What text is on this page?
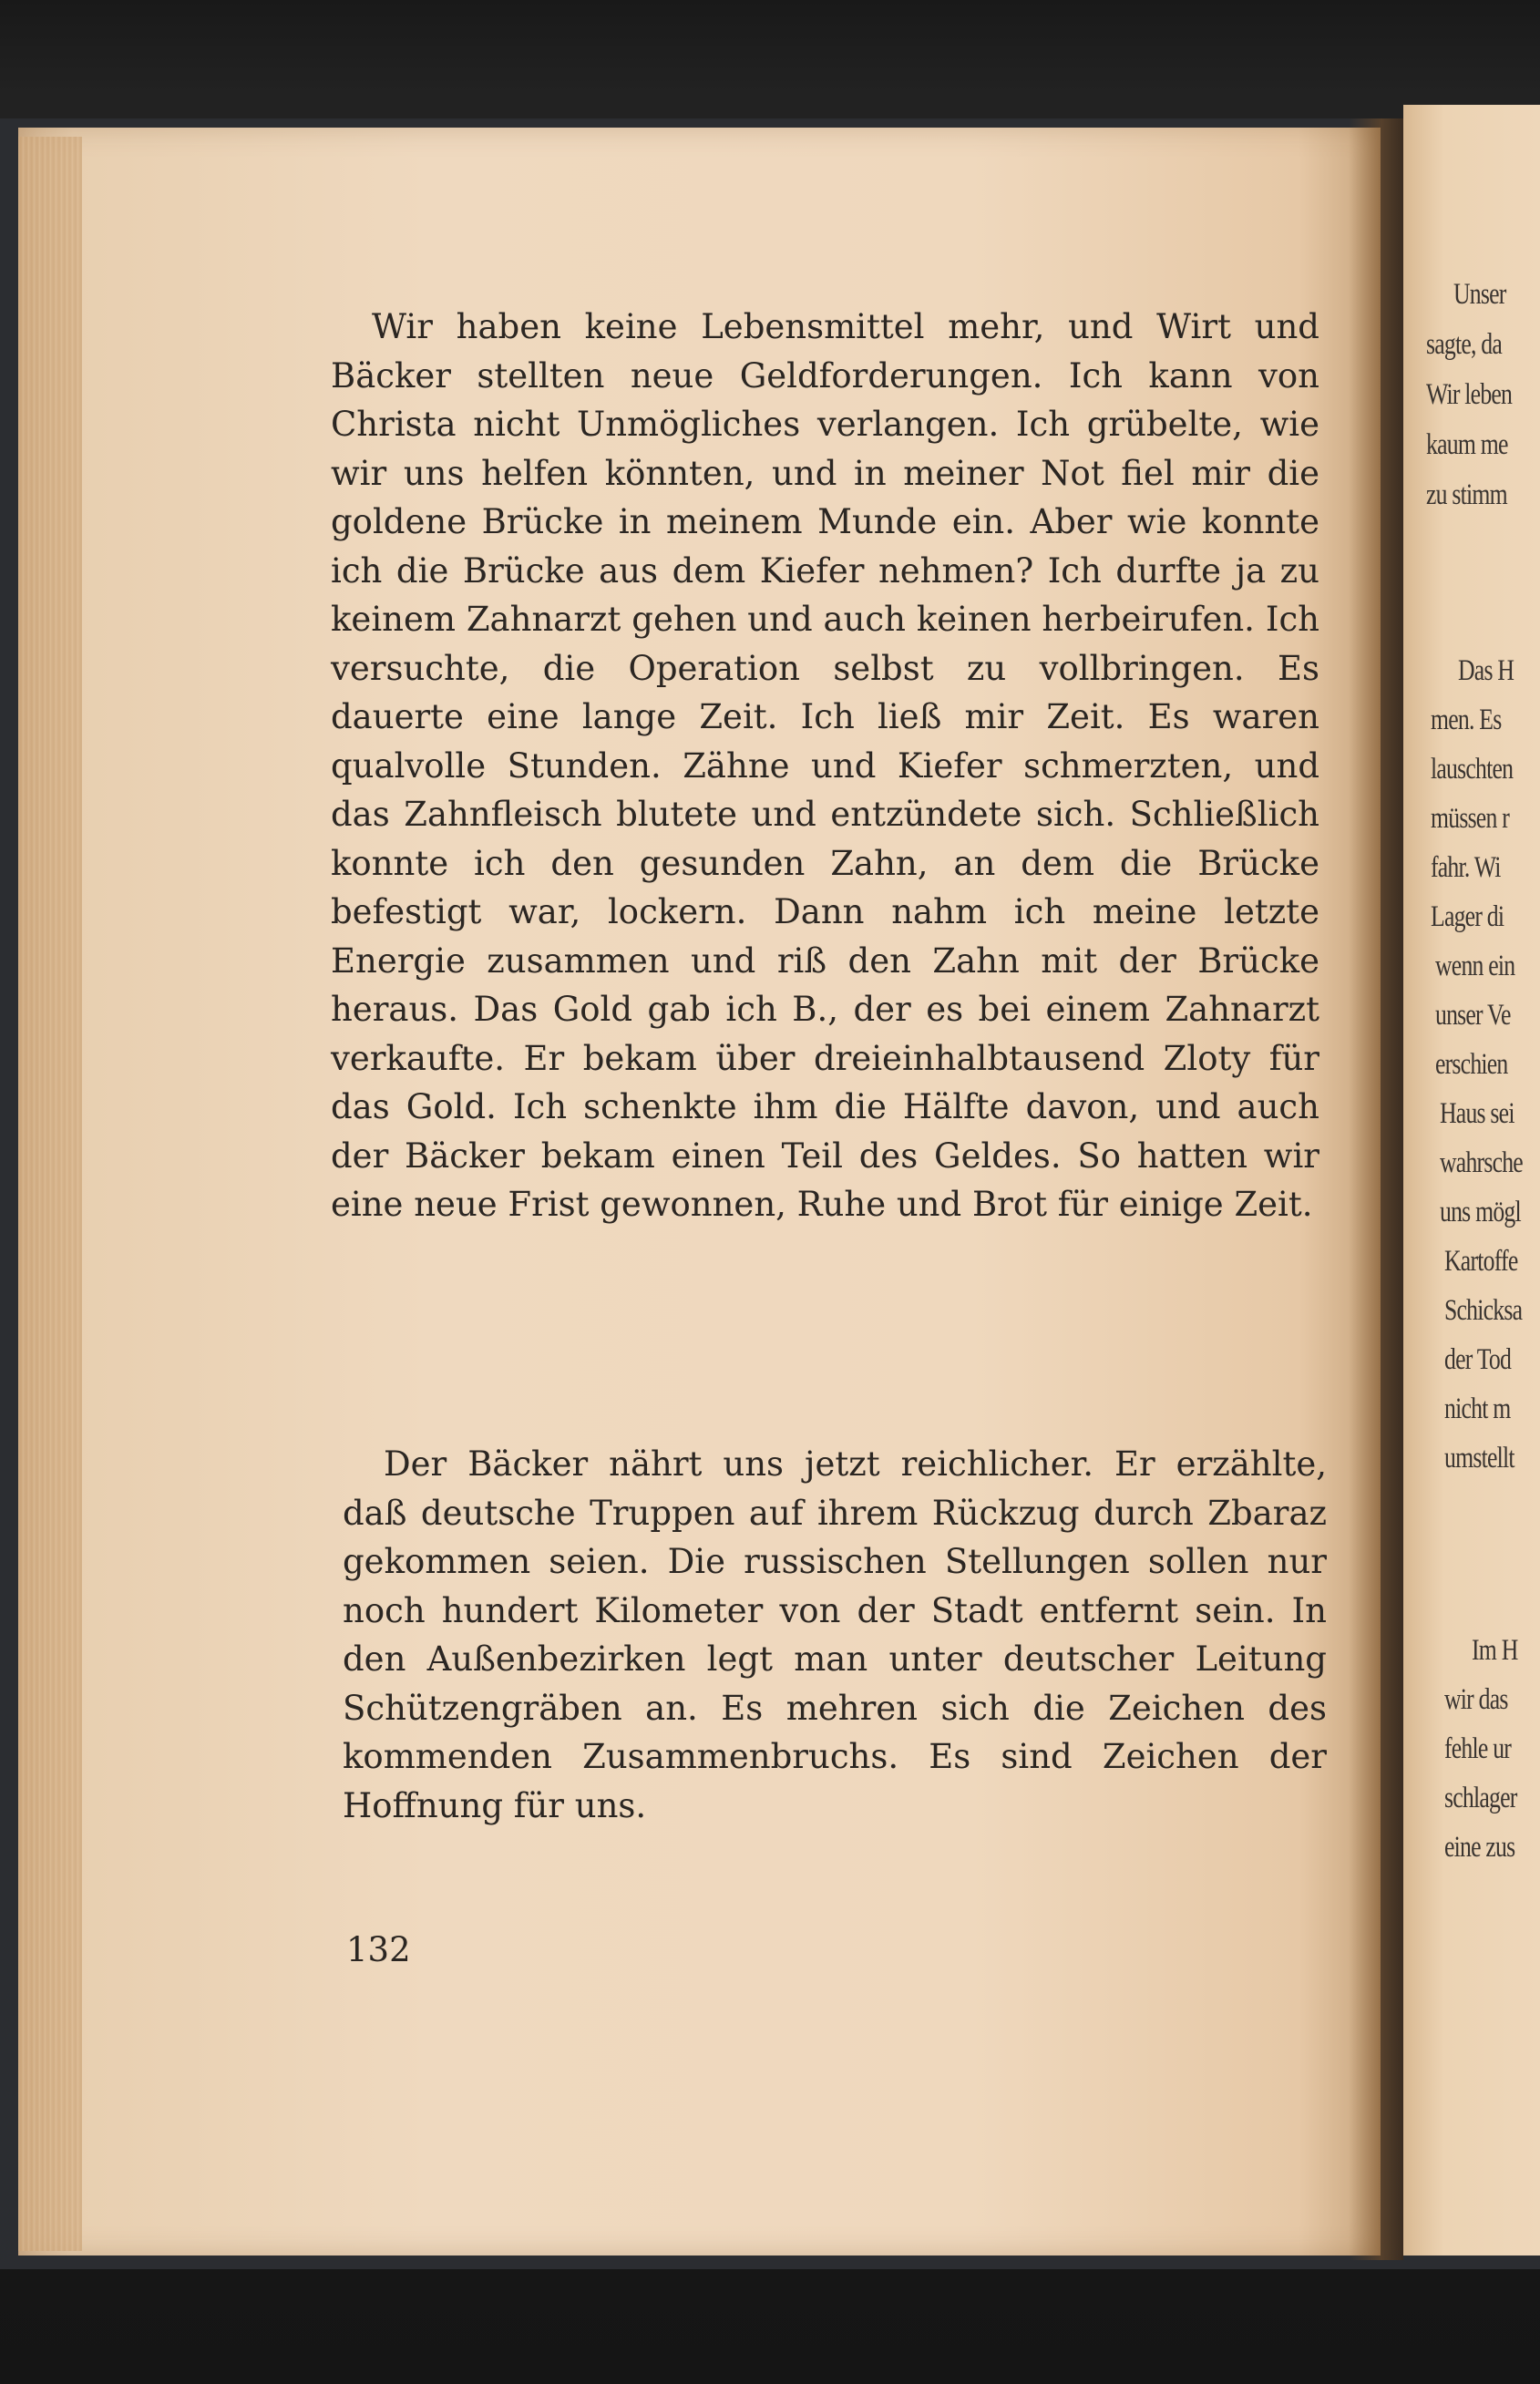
Unser
sagte, da
Wir leben
kaum me
zu stimm
Das H
men. Es
lauschten
müssen r
fahr. Wi
Lager di
wenn ein
unser Ve
erschien
Haus sei
wahrsche
uns mögl
Kartoffe
Schicksa
der Tod
nicht m
umstellt
Im H
wir das
fehle ur
schlager
eine zus
Wir haben keine Lebensmittel mehr, und Wirt und Bäcker stellten neue Geldforderungen. Ich kann von Christa nicht Unmögliches verlangen. Ich grübelte, wie wir uns helfen könnten, und in meiner Not fiel mir die goldene Brücke in meinem Munde ein. Aber wie konnte ich die Brücke aus dem Kiefer nehmen? Ich durfte ja zu keinem Zahnarzt gehen und auch keinen herbeirufen. Ich versuchte, die Operation selbst zu vollbringen. Es dauerte eine lange Zeit. Ich ließ mir Zeit. Es waren qualvolle Stunden. Zähne und Kiefer schmerzten, und das Zahnfleisch blutete und entzündete sich. Schließlich konnte ich den gesunden Zahn, an dem die Brücke befestigt war, lockern. Dann nahm ich meine letzte Energie zusammen und riß den Zahn mit der Brücke heraus. Das Gold gab ich B., der es bei einem Zahnarzt verkaufte. Er bekam über dreieinhalbtausend Zloty für das Gold. Ich schenkte ihm die Hälfte davon, und auch der Bäcker bekam einen Teil des Geldes. So hatten wir eine neue Frist gewonnen, Ruhe und Brot für einige Zeit.
Der Bäcker nährt uns jetzt reichlicher. Er erzählte, daß deutsche Truppen auf ihrem Rückzug durch Zbaraz gekommen seien. Die russischen Stellungen sollen nur noch hundert Kilometer von der Stadt entfernt sein. In den Außenbezirken legt man unter deutscher Leitung Schützengräben an. Es mehren sich die Zeichen des kommenden Zusammenbruchs. Es sind Zeichen der Hoffnung für uns.
132
